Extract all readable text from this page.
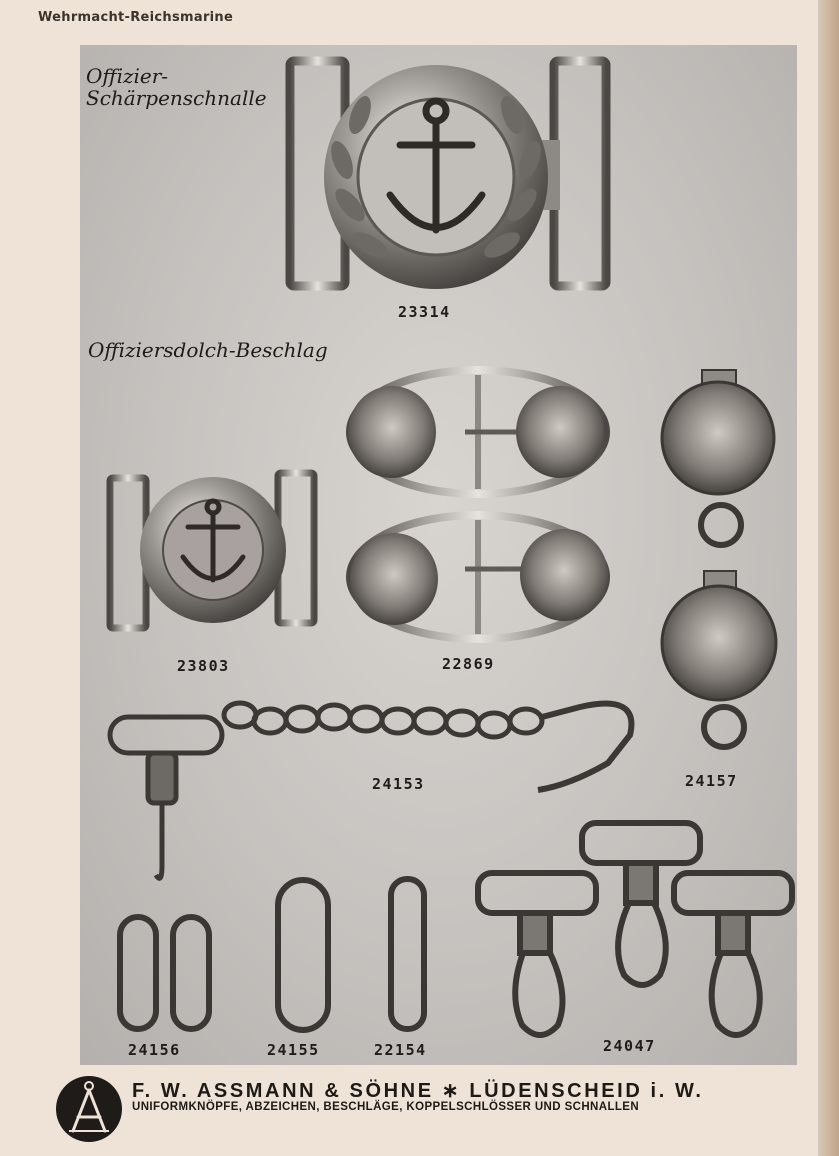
Wehrmacht-Reichsmarine
Offizier-
Schärpenschnalle
Offiziersdolch-Beschlag
23314
23803	22869
24157
24153
24156	24155	22154	24047
F. W. ASSMANN & SÖHNE ∗ LÜDENSCHEID i. W.
UNIFORMKNÖPFE, ABZEICHEN, BESCHLÄGE, KOPPELSCHLÖSSER UND SCHNALLEN
